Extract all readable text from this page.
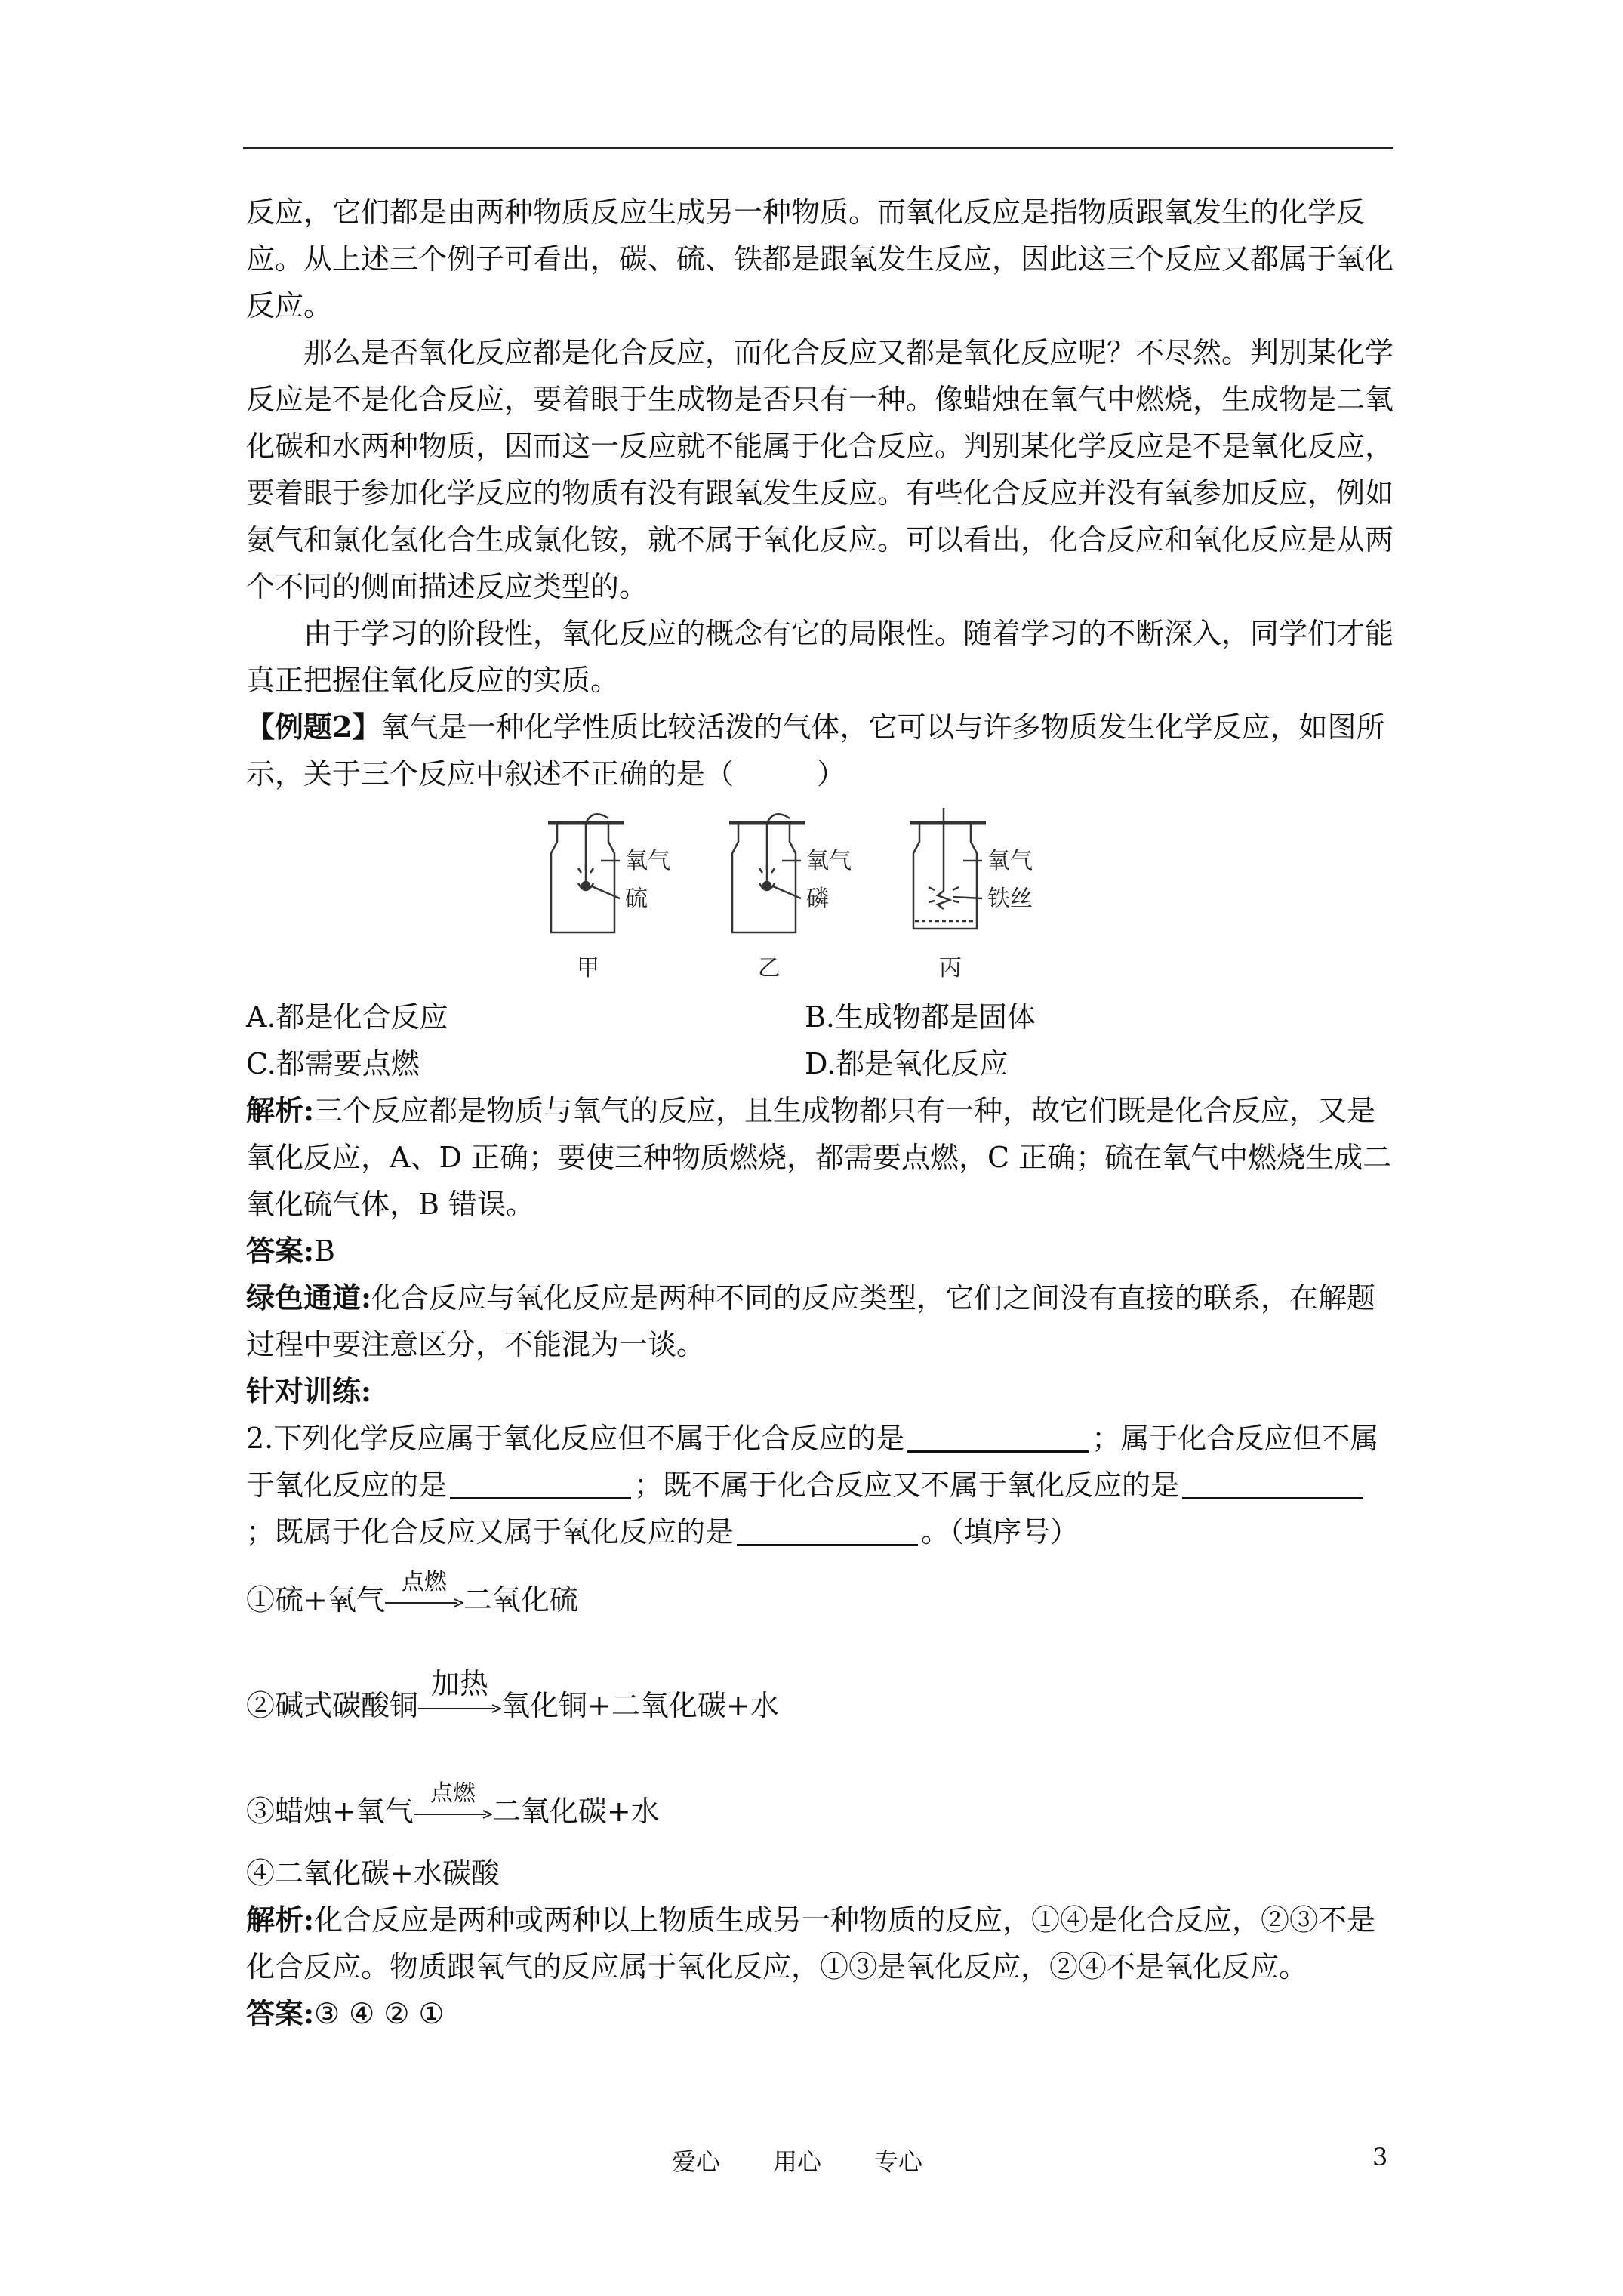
反应，它们都是由两种物质反应生成另一种物质。而氧化反应是指物质跟氧发生的化学反应。从上述三个例子可看出，碳、硫、铁都是跟氧发生反应，因此这三个反应又都属于氧化反应。

那么是否氧化反应都是化合反应，而化合反应又都是氧化反应呢？不尽然。判别某化学反应是不是化合反应，要着眼于生成物是否只有一种。像蜡烛在氧气中燃烧，生成物是二氧化碳和水两种物质，因而这一反应就不能属于化合反应。判别某化学反应是不是氧化反应，要着眼于参加化学反应的物质有没有跟氧发生反应。有些化合反应并没有氧参加反应，例如氨气和氯化氢化合生成氯化铵，就不属于氧化反应。可以看出，化合反应和氧化反应是从两个不同的侧面描述反应类型的。

由于学习的阶段性，氧化反应的概念有它的局限性。随着学习的不断深入，同学们才能真正把握住氧化反应的实质。

【例题2】氧气是一种化学性质比较活泼的气体，它可以与许多物质发生化学反应，如图所示，关于三个反应中叙述不正确的是（	）

氧气
硫
甲
氧气
磷
乙
氧气
铁丝
丙
A.都是化合反应	B.生成物都是固体
C.都需要点燃	D.都是氧化反应

解析:三个反应都是物质与氧气的反应，且生成物都只有一种，故它们既是化合反应，又是氧化反应，A、D 正确；要使三种物质燃烧，都需要点燃，C 正确；硫在氧气中燃烧生成二氧化硫气体，B 错误。

答案:B

绿色通道:化合反应与氧化反应是两种不同的反应类型，它们之间没有直接的联系，在解题过程中要注意区分，不能混为一谈。

针对训练:

2.下列化学反应属于氧化反应但不属于化合反应的是	；属于化合反应但不属于氧化反应的是	；既不属于化合反应又不属于氧化反应的是；既属于化合反应又属于氧化反应的是	。（填序号）

①硫+氧气
点燃
二氧化硫

②碱式碳酸铜
加热
氧化铜+二氧化碳+水

③蜡烛+氧气
点燃
二氧化碳+水

④二氧化碳+水碳酸

解析:化合反应是两种或两种以上物质生成另一种物质的反应，①④是化合反应，②③不是化合反应。物质跟氧气的反应属于氧化反应，①③是氧化反应，②④不是氧化反应。

答案:③ ④ ② ①

爱心 用心 专心	3
